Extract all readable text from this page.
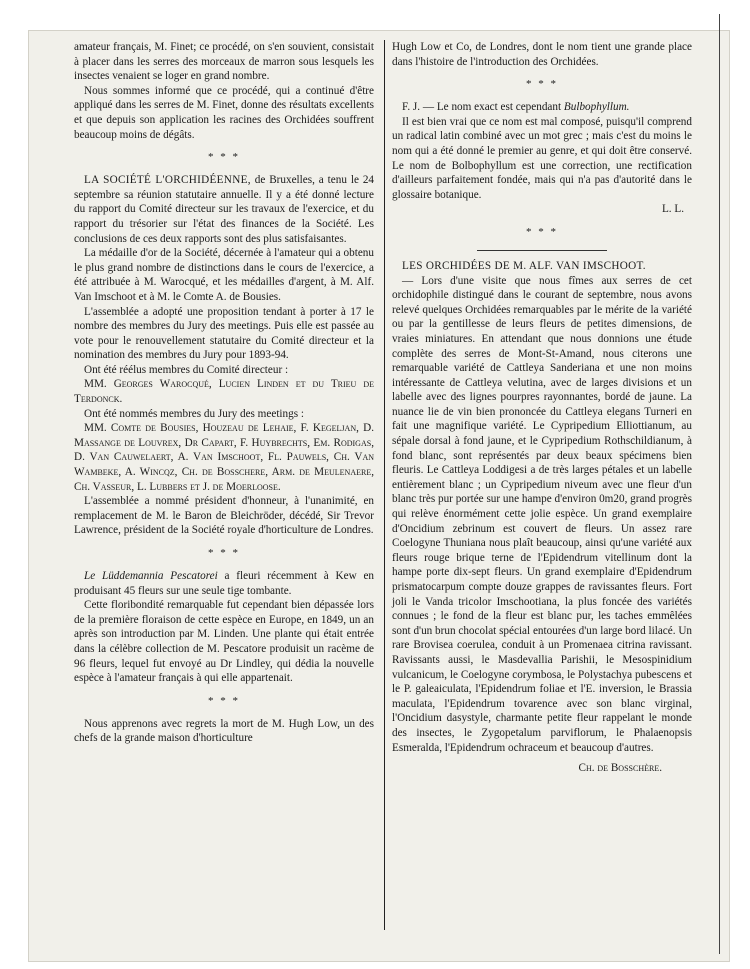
amateur français, M. Finet; ce procédé, on s'en souvient, consistait à placer dans les serres des morceaux de marron sous lesquels les insectes venaient se loger en grand nombre.

Nous sommes informé que ce procédé, qui a continué d'être appliqué dans les serres de M. Finet, donne des résultats excellents et que depuis son application les racines des Orchidées souffrent beaucoup moins de dégâts.

* * *

LA SOCIÉTÉ L'ORCHIDÉENNE, de Bruxelles, a tenu le 24 septembre sa réunion statutaire annuelle. Il y a été donné lecture du rapport du Comité directeur sur les travaux de l'exercice, et du rapport du trésorier sur l'état des finances de la Société. Les conclusions de ces deux rapports sont des plus satisfaisantes.

La médaille d'or de la Société, décernée à l'amateur qui a obtenu le plus grand nombre de distinctions dans le cours de l'exercice, a été attribuée à M. Warocqué, et les médailles d'argent, à M. Alf. Van Imschoot et à M. le Comte A. de Bousies.

L'assemblée a adopté une proposition tendant à porter à 17 le nombre des membres du Jury des meetings. Puis elle est passée au vote pour le renouvellement statutaire du Comité directeur et la nomination des membres du Jury pour 1893-94.

Ont été réélus membres du Comité directeur :

MM. Georges Warocqué, Lucien Linden et du Trieu de Terdonck.

Ont été nommés membres du Jury des meetings :

MM. Comte de Bousies, Houzeau de Lehaie, F. Kegeljan, D. Massange de Louvrex, Dr Capart, F. Huybrechts, Em. Rodigas, D. Van Cauwelaert, A. Van Imschoot, Fl. Pauwels, Ch. Van Wambeke, A. Wincqz, Ch. de Bosschere, Arm. de Meulenaere, Ch. Vasseur, L. Lubbers et J. de Moerloose.

L'assemblée a nommé président d'honneur, à l'unanimité, en remplacement de M. le Baron de Bleichröder, décédé, Sir Trevor Lawrence, président de la Société royale d'horticulture de Londres.

* * *

Le Lüddemannia Pescatorei a fleuri récemment à Kew en produisant 45 fleurs sur une seule tige tombante.

Cette floribondité remarquable fut cependant bien dépassée lors de la première floraison de cette espèce en Europe, en 1849, un an après son introduction par M. Linden. Une plante qui était entrée dans la célèbre collection de M. Pescatore produisit un racème de 96 fleurs, lequel fut envoyé au Dr Lindley, qui dédia la nouvelle espèce à l'amateur français à qui elle appartenait.

* * *

Nous apprenons avec regrets la mort de M. Hugh Low, un des chefs de la grande maison d'horticulture

Hugh Low et Co, de Londres, dont le nom tient une grande place dans l'histoire de l'introduction des Orchidées.

* * *

F. J. — Le nom exact est cependant Bulbophyllum.

Il est bien vrai que ce nom est mal composé, puisqu'il comprend un radical latin combiné avec un mot grec ; mais c'est du moins le nom qui a été donné le premier au genre, et qui doit être conservé. Le nom de Bolbophyllum est une correction, une rectification d'ailleurs parfaitement fondée, mais qui n'a pas d'autorité dans le glossaire botanique.

L. L.
* * *

LES ORCHIDÉES DE M. ALF. VAN IMSCHOOT.

— Lors d'une visite que nous fîmes aux serres de cet orchidophile distingué dans le courant de septembre, nous avons relevé quelques Orchidées remarquables par le mérite de la variété ou par la gentillesse de leurs fleurs de petites dimensions, de vraies miniatures. En attendant que nous donnions une étude complète des serres de Mont-St-Amand, nous citerons une remarquable variété de Cattleya Sanderiana et une non moins intéressante de Cattleya velutina, avec de larges divisions et un labelle avec des lignes pourpres rayonnantes, bordé de jaune. La nuance lie de vin bien prononcée du Cattleya elegans Turneri en fait une magnifique variété. Le Cypripedium Elliottianum, au sépale dorsal à fond jaune, et le Cypripedium Rothschildianum, à fond blanc, sont représentés par deux beaux spécimens bien fleuris. Le Cattleya Loddigesi a de très larges pétales et un labelle entièrement blanc ; un Cypripedium niveum avec une fleur d'un blanc très pur portée sur une hampe d'environ 0m20, grand progrès qui relève énormément cette jolie espèce. Un grand exemplaire d'Oncidium zebrinum est couvert de fleurs. Un assez rare Coelogyne Thuniana nous plaît beaucoup, ainsi qu'une variété aux fleurs rouge brique terne de l'Epidendrum vitellinum dont la hampe porte dix-sept fleurs. Un grand exemplaire d'Epidendrum prismatocarpum compte douze grappes de ravissantes fleurs. Fort joli le Vanda tricolor Imschootiana, la plus foncée des variétés connues ; le fond de la fleur est blanc pur, les taches emmêlées sont d'un brun chocolat spécial entourées d'un large bord lilacé. Un rare Brovisea coerulea, conduit à un Promenaea citrina ravissant. Ravissants aussi, le Masdevallia Parishii, le Mesospinidium vulcanicum, le Coelogyne corymbosa, le Polystachya pubescens et le P. galeaiculata, l'Epidendrum foliae et l'E. inversion, le Brassia maculata, l'Epidendrum tovarence avec son blanc virginal, l'Oncidium dasystyle, charmante petite fleur rappelant le monde des insectes, le Zygopetalum parviflorum, le Phalaenopsis Esmeralda, l'Epidendrum ochraceum et beaucoup d'autres.

Ch. de Bosschère.
